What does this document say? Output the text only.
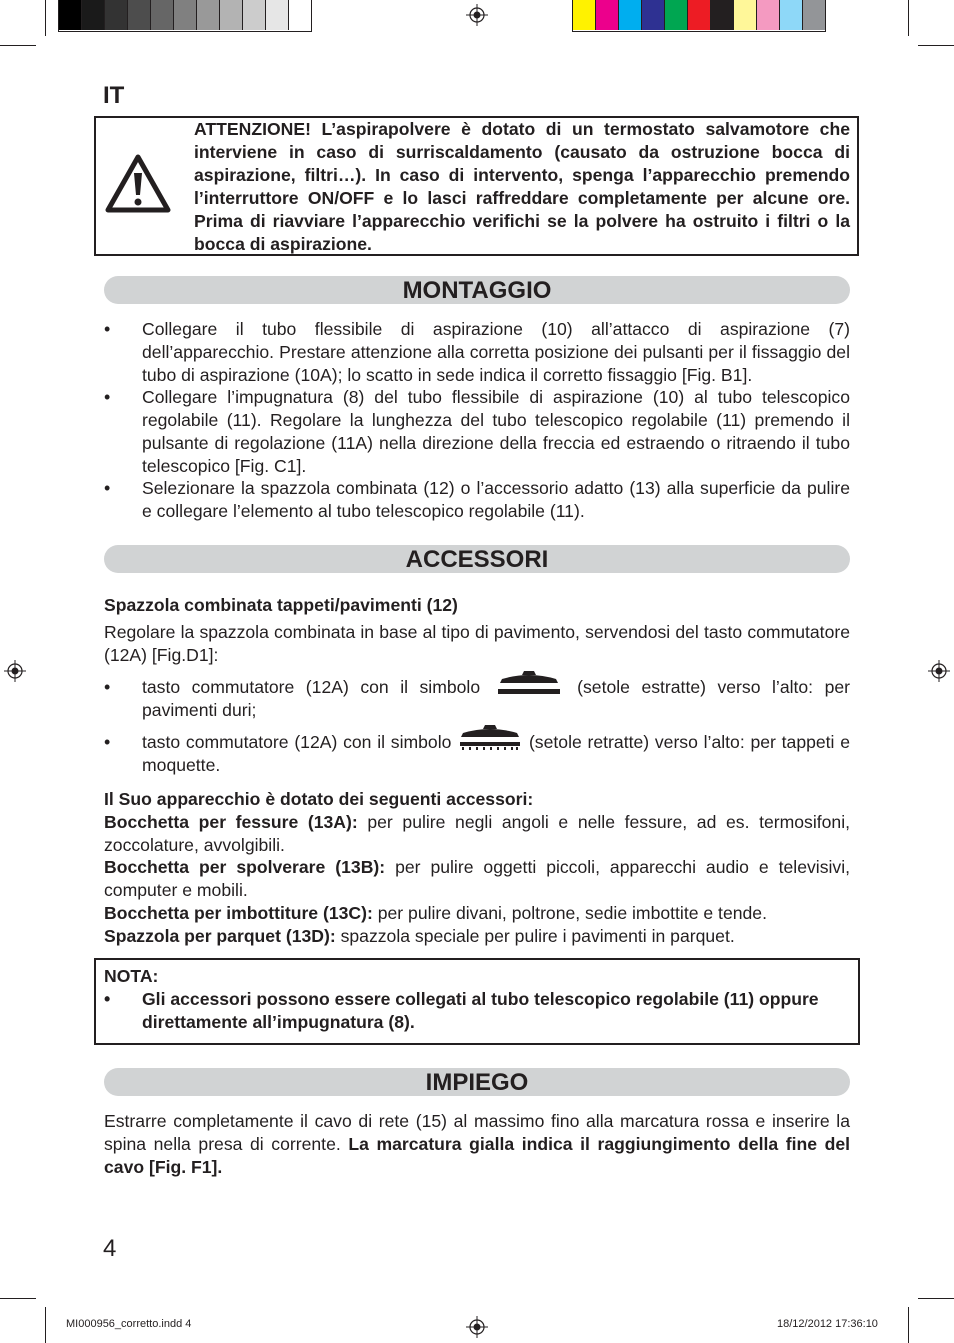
IT
ATTENZIONE! L’aspirapolvere è dotato di un termostato salvamotore che interviene in caso di surriscaldamento (causato da ostruzione bocca di aspirazione, filtri…). In caso di intervento, spenga l’apparecchio premendo l’interruttore ON/OFF e lo lasci raffreddare completamente per alcune ore. Prima di riavviare l’apparecchio verifichi se la polvere ha ostruito i filtri o la bocca di aspirazione.
MONTAGGIO
• Collegare il tubo flessibile di aspirazione (10) all’attacco di aspirazione (7) dell’apparecchio. Prestare attenzione alla corretta posizione dei pulsanti per il fissaggio del tubo di aspirazione (10A); lo scatto in sede indica il corretto fissaggio [Fig. B1].
• Collegare l’impugnatura (8) del tubo flessibile di aspirazione (10) al tubo telescopico regolabile (11). Regolare la lunghezza del tubo telescopico regolabile (11) premendo il pulsante di regolazione (11A) nella direzione della freccia ed estraendo o ritraendo il tubo telescopico [Fig. C1].
• Selezionare la spazzola combinata (12) o l’accessorio adatto (13) alla superficie da pulire e collegare l’elemento al tubo telescopico regolabile (11).
ACCESSORI
Spazzola combinata tappeti/pavimenti (12)
Regolare la spazzola combinata in base al tipo di pavimento, servendosi del tasto commutatore (12A) [Fig.D1]:
• tasto commutatore (12A) con il simbolo	(setole estratte) verso l’alto: per pavimenti duri;
• tasto commutatore (12A) con il simbolo	(setole retratte) verso l’alto: per tappeti e moquette.
Il Suo apparecchio è dotato dei seguenti accessori:
Bocchetta per fessure (13A): per pulire negli angoli e nelle fessure, ad es. termosifoni, zoccolature, avvolgibili.
Bocchetta per spolverare (13B): per pulire oggetti piccoli, apparecchi audio e televisivi, computer e mobili.
Bocchetta per imbottiture (13C): per pulire divani, poltrone, sedie imbottite e tende.
Spazzola per parquet (13D): spazzola speciale per pulire i pavimenti in parquet.
NOTA:
• Gli accessori possono essere collegati al tubo telescopico regolabile (11) oppure direttamente all’impugnatura (8).
IMPIEGO
Estrarre completamente il cavo di rete (15) al massimo fino alla marcatura rossa e inserire la spina nella presa di corrente. La marcatura gialla indica il raggiungimento della fine del cavo [Fig. F1].
4
MI000956_corretto.indd 4	18/12/2012 17:36:10
